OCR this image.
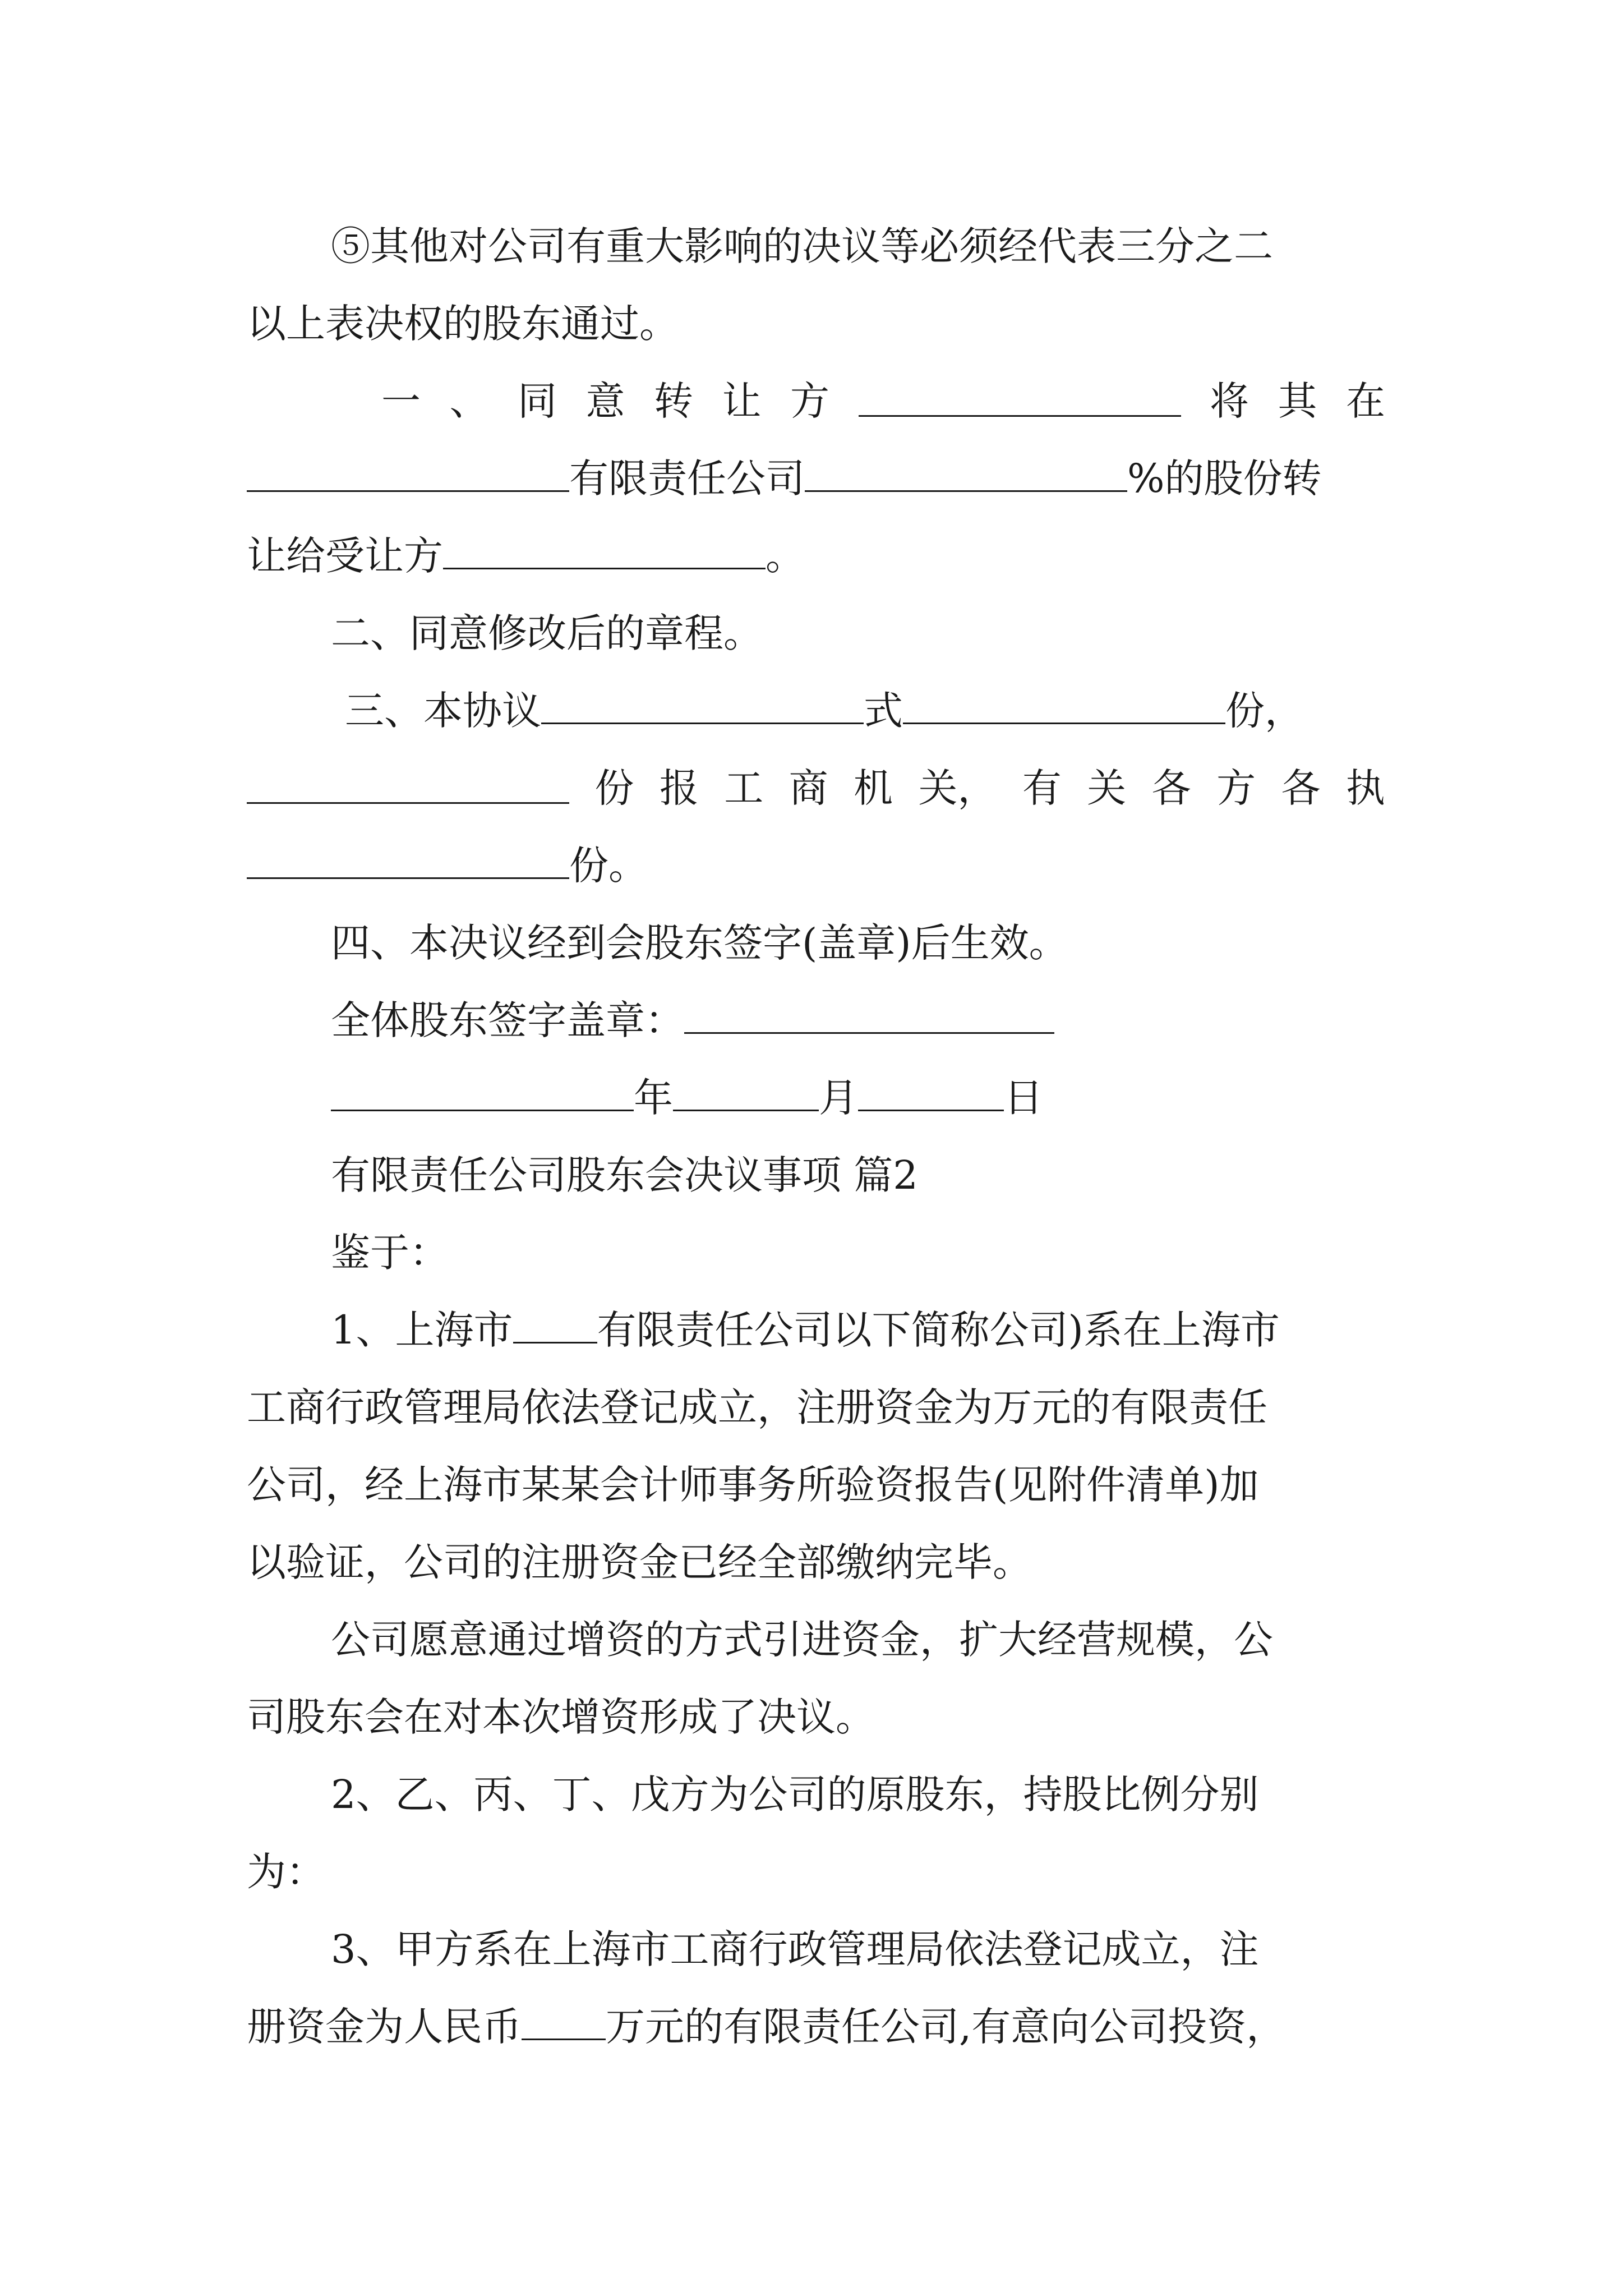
⑤其他对公司有重大影响的决议等必须经代表三分之二
以上表决权的股东通过。
一 、 同 意 转 让 方	将 其 在
有限责任公司	%的股份转
让给受让方	。
二、同意修改后的章程。
三、本协议	式	份，
份 报 工 商 机 关， 有 关 各 方 各 执
份。
四、本决议经到会股东签字(盖章)后生效。
全体股东签字盖章：
年	月	日
有限责任公司股东会决议事项 篇2
鉴于：
1、上海市 有限责任公司以下简称公司)系在上海市
工商行政管理局依法登记成立，注册资金为万元的有限责任
公司，经上海市某某会计师事务所验资报告(见附件清单)加
以验证，公司的注册资金已经全部缴纳完毕。
公司愿意通过增资的方式引进资金，扩大经营规模，公
司股东会在对本次增资形成了决议。
2、乙、丙、丁、戊方为公司的原股东，持股比例分别
为：
3、甲方系在上海市工商行政管理局依法登记成立，注
册资金为人民币 万元的有限责任公司,有意向公司投资，
